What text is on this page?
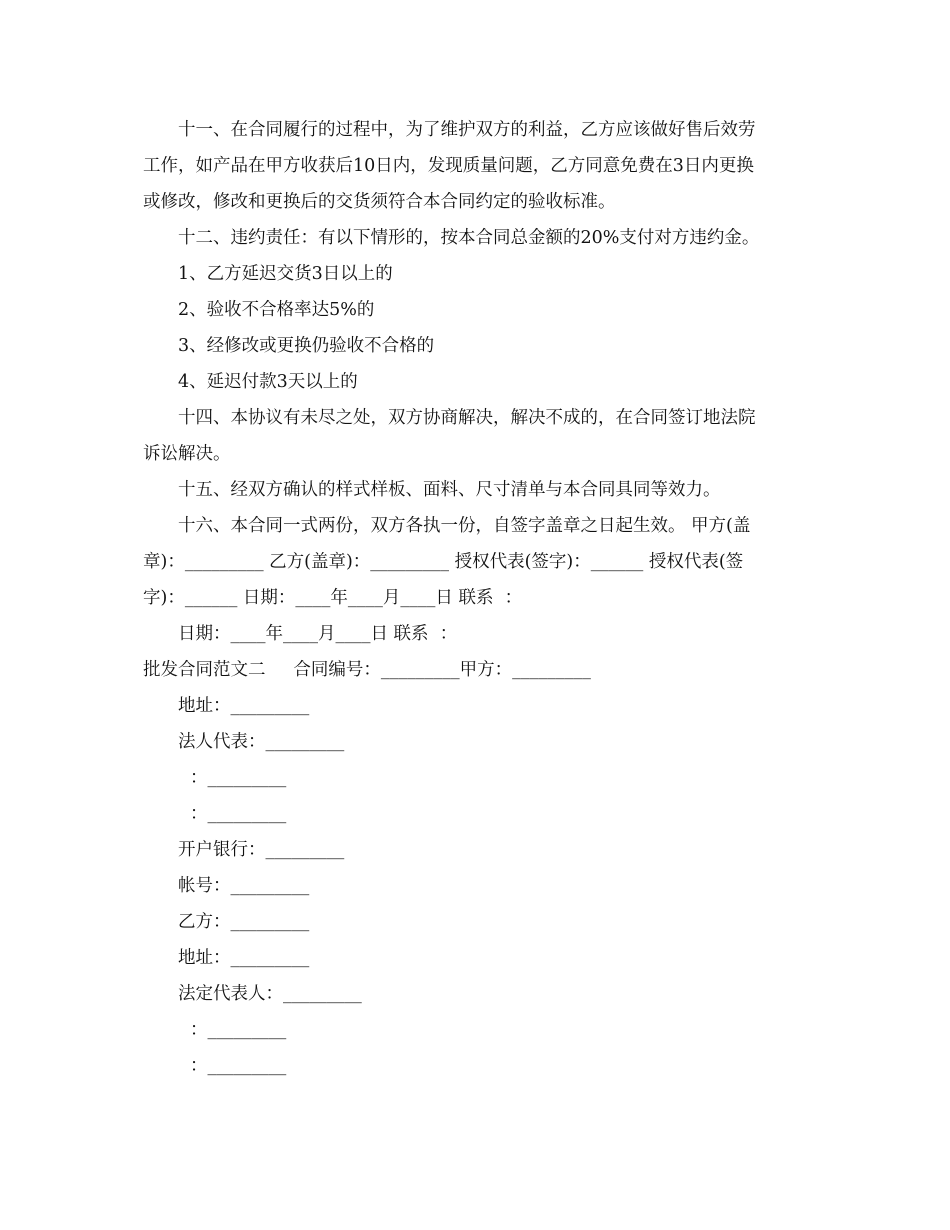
十一、在合同履行的过程中，为了维护双方的利益，乙方应该做好售后效劳
工作，如产品在甲方收获后10日内，发现质量问题，乙方同意免费在3日内更换
或修改，修改和更换后的交货须符合本合同约定的验收标准。
十二、违约责任：有以下情形的，按本合同总金额的20%支付对方违约金。
1、乙方延迟交货3日以上的
2、验收不合格率达5%的
3、经修改或更换仍验收不合格的
4、延迟付款3天以上的
十四、本协议有未尽之处，双方协商解决，解决不成的，在合同签订地法院
诉讼解决。
十五、经双方确认的样式样板、面料、尺寸清单与本合同具同等效力。
十六、本合同一式两份，双方各执一份，自签字盖章之日起生效。 甲方(盖
章)：_________ 乙方(盖章)：_________ 授权代表(签字)：______ 授权代表(签
字)：______ 日期：____年____月____日 联系  ：
日期：____年____月____日 联系  ：
批发合同范文二     合同编号：_________甲方：_________
地址：_________
法人代表：_________
：_________
：_________
开户银行：_________
帐号：_________
乙方：_________
地址：_________
法定代表人：_________
：_________
：_________
